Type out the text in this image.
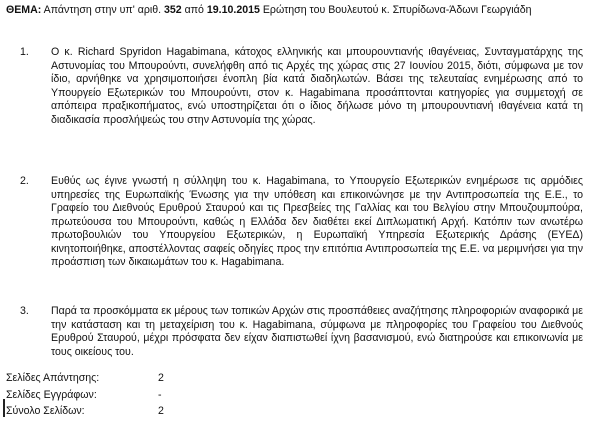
ΘΕΜΑ: Απάντηση στην υπ' αριθ. 352 από 19.10.2015 Ερώτηση του Βουλευτού κ. Σπυρίδωνα-Άδωνι Γεωργιάδη
1. Ο κ. Richard Spyridon Hagabimana, κάτοχος ελληνικής και μπουρουντιανής ιθαγένειας, Συνταγματάρχης της Αστυνομίας του Μπουρούντι, συνελήφθη από τις Αρχές της χώρας στις 27 Ιουνίου 2015, διότι, σύμφωνα με τον ίδιο, αρνήθηκε να χρησιμοποιήσει ένοπλη βία κατά διαδηλωτών. Βάσει της τελευταίας ενημέρωσης από το Υπουργείο Εξωτερικών του Μπουρούντι, στον κ. Hagabimana προσάπτονται κατηγορίες για συμμετοχή σε απόπειρα πραξικοπήματος, ενώ υποστηρίζεται ότι ο ίδιος δήλωσε μόνο τη μπουρουντιανή ιθαγένεια κατά τη διαδικασία προσλήψεώς του στην Αστυνομία της χώρας.
2. Ευθύς ως έγινε γνωστή η σύλληψη του κ. Hagabimana, το Υπουργείο Εξωτερικών ενημέρωσε τις αρμόδιες υπηρεσίες της Ευρωπαϊκής Ένωσης για την υπόθεση και επικοινώνησε με την Αντιπροσωπεία της Ε.Ε., το Γραφείο του Διεθνούς Ερυθρού Σταυρού και τις Πρεσβείες της Γαλλίας και του Βελγίου στην Μπουζουμπούρα, πρωτεύουσα του Μπουρούντι, καθώς η Ελλάδα δεν διαθέτει εκεί Διπλωματική Αρχή. Κατόπιν των ανωτέρω πρωτοβουλιών του Υπουργείου Εξωτερικών, η Ευρωπαϊκή Υπηρεσία Εξωτερικής Δράσης (ΕΥΕΔ) κινητοποιήθηκε, αποστέλλοντας σαφείς οδηγίες προς την επιτόπια Αντιπροσωπεία της Ε.Ε. να μεριμνήσει για την προάσπιση των δικαιωμάτων του κ. Hagabimana.
3. Παρά τα προσκόμματα εκ μέρους των τοπικών Αρχών στις προσπάθειες αναζήτησης πληροφοριών αναφορικά με την κατάσταση και τη μεταχείριση του κ. Hagabimana, σύμφωνα με πληροφορίες του Γραφείου του Διεθνούς Ερυθρού Σταυρού, μέχρι πρόσφατα δεν είχαν διαπιστωθεί ίχνη βασανισμού, ενώ διατηρούσε και επικοινωνία με τους οικείους του.
Σελίδες Απάντησης:	2
Σελίδες Εγγράφων:	-
Σύνολο Σελίδων:	2
